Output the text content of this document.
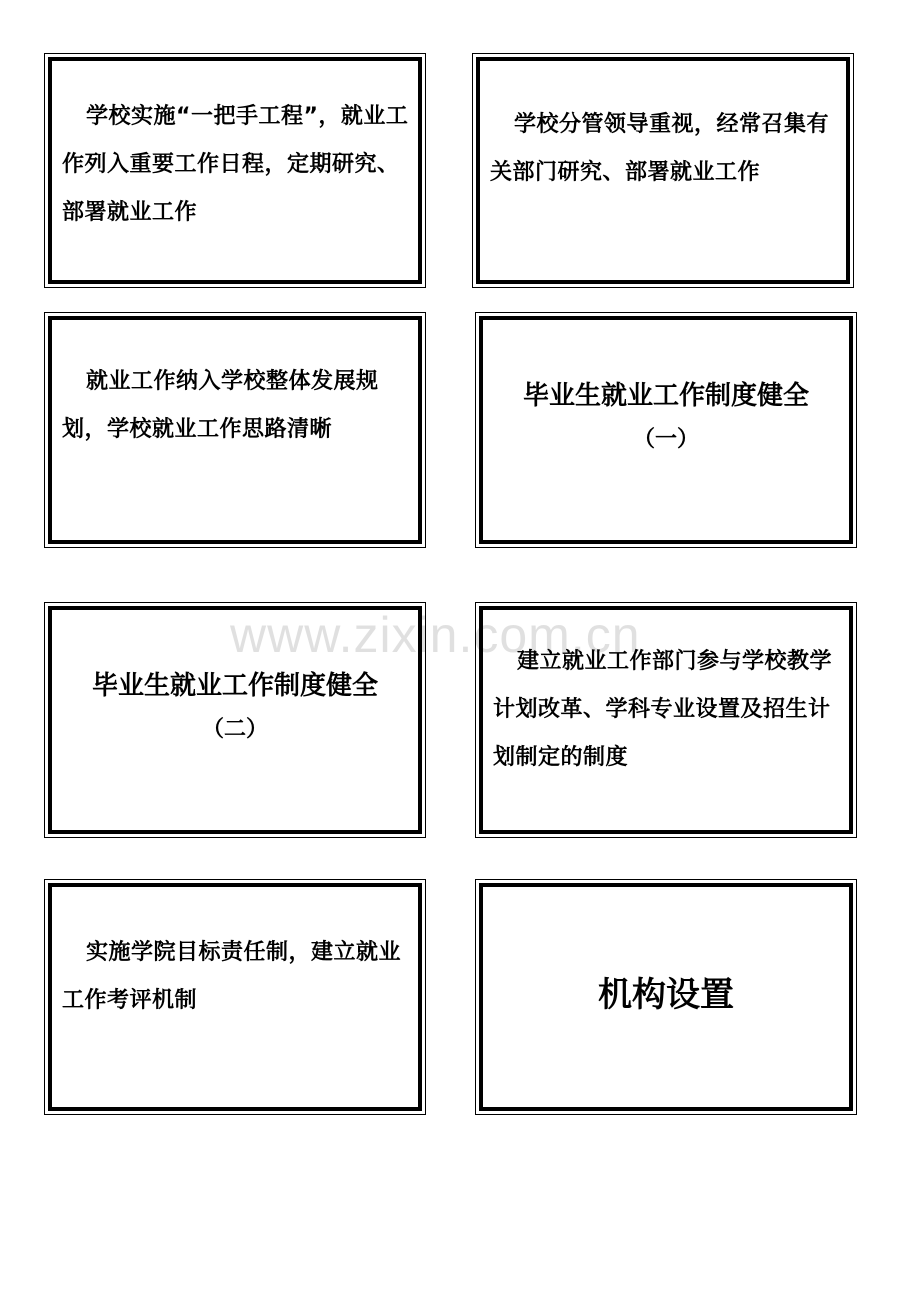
学校实施“一把手工程”，就业工作列入重要工作日程，定期研究、部署就业工作
学校分管领导重视，经常召集有关部门研究、部署就业工作
就业工作纳入学校整体发展规划，学校就业工作思路清晰
毕业生就业工作制度健全
（一）
毕业生就业工作制度健全
（二）
建立就业工作部门参与学校教学计划改革、学科专业设置及招生计划制定的制度
实施学院目标责任制，建立就业工作考评机制	机构设置
www.zixin.com.cn
